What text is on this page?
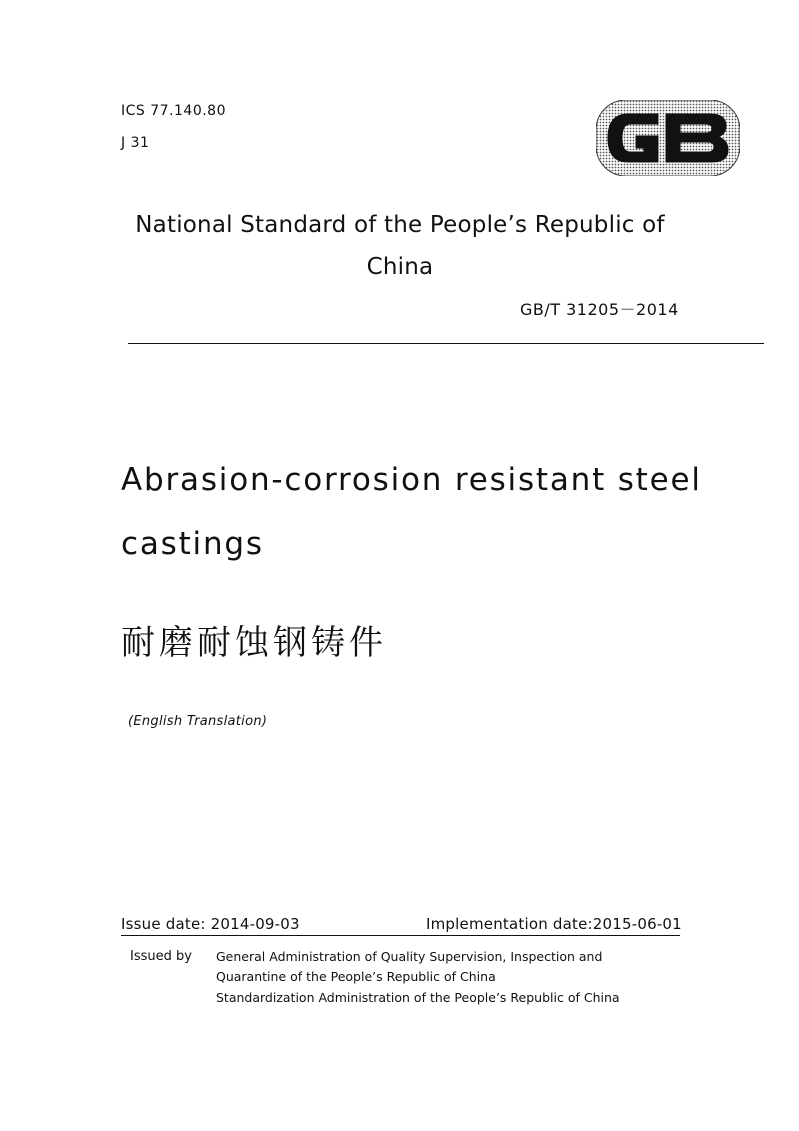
ICS 77.140.80
J 31
National Standard of the People’s Republic of China
GB/T 31205－2014
Abrasion-corrosion resistant steel castings
耐磨耐蚀钢铸件
(English Translation)
Issue date: 2014-09-03	Implementation date:2015-06-01
Issued by General Administration of Quality Supervision, Inspection and
Quarantine of the People’s Republic of China
Standardization Administration of the People’s Republic of China
